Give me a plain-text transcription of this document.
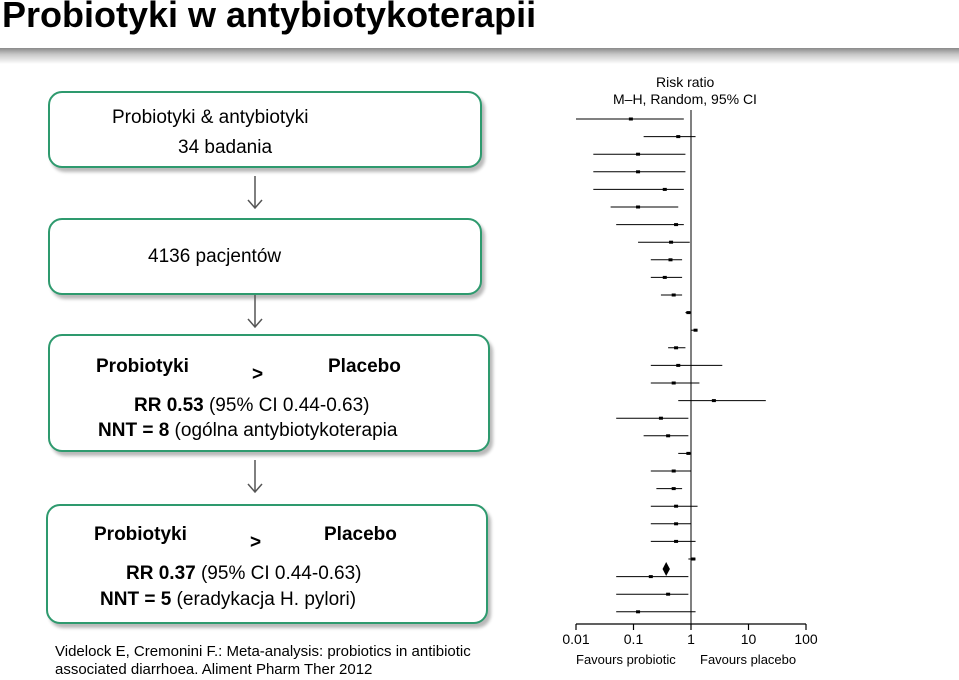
Probiotyki w antybiotykoterapii
Probiotyki & antybiotyki
34 badania
4136 pacjentów
Probiotyki	>	Placebo
RR 0.53 (95% CI 0.44-0.63)
NNT = 8 (ogólna antybiotykoterapia
Probiotyki	>	Placebo
RR 0.37 (95% CI 0.44-0.63)
NNT = 5 (eradykacja H. pylori)
Videlock E, Cremonini F.: Meta-analysis: probiotics in antibiotic
associated diarrhoea. Aliment Pharm Ther 2012
Risk ratio
M–H, Random, 95% CI
0.01 0.1	1	10	100
Favours probiotic Favours placebo
